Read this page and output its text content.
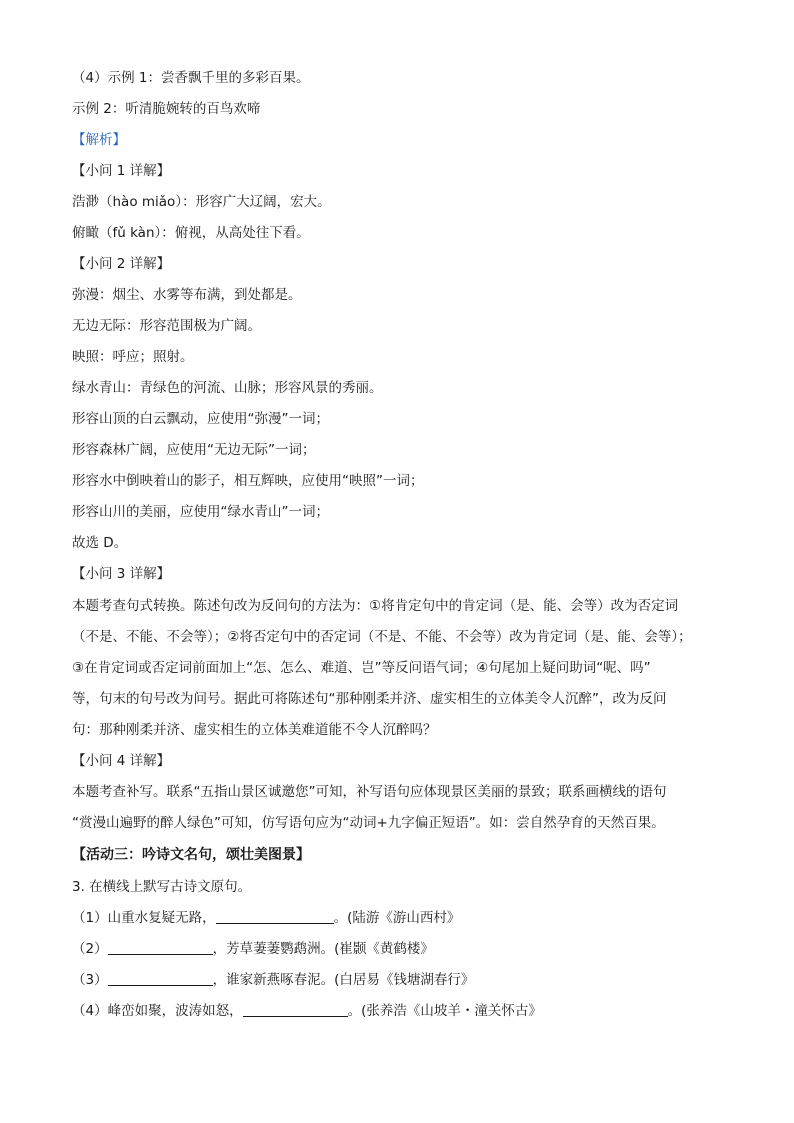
（4）示例 1：尝香飘千里的多彩百果。
示例 2：听清脆婉转的百鸟欢啼
【解析】
【小问 1 详解】
浩渺（hào miǎo）：形容广大辽阔，宏大。
俯瞰（fǔ kàn）：俯视，从高处往下看。
【小问 2 详解】
弥漫：烟尘、水雾等布满，到处都是。
无边无际：形容范围极为广阔。
映照：呼应；照射。
绿水青山：青绿色的河流、山脉；形容风景的秀丽。
形容山顶的白云飘动，应使用“弥漫”一词；
形容森林广阔，应使用“无边无际”一词；
形容水中倒映着山的影子，相互辉映，应使用“映照”一词；
形容山川的美丽，应使用“绿水青山”一词；
故选 D。
【小问 3 详解】
本题考查句式转换。陈述句改为反问句的方法为：①将肯定句中的肯定词（是、能、会等）改为否定词
（不是、不能、不会等）；②将否定句中的否定词（不是、不能、不会等）改为肯定词（是、能、会等）；
③在肯定词或否定词前面加上“怎、怎么、难道、岂”等反问语气词；④句尾加上疑问助词“呢、吗”
等，句末的句号改为问号。据此可将陈述句“那种刚柔并济、虚实相生的立体美令人沉醉”，改为反问
句：那种刚柔并济、虚实相生的立体美难道能不令人沉醉吗？
【小问 4 详解】
本题考查补写。联系“五指山景区诚邀您”可知，补写语句应体现景区美丽的景致；联系画横线的语句
“赏漫山遍野的醉人绿色”可知，仿写语句应为“动词+九字偏正短语”。如：尝自然孕育的天然百果。
【活动三：吟诗文名句，颂壮美图景】
3. 在横线上默写古诗文原句。
（1）山重水复疑无路，	。(陆游《游山西村》
（2）	，芳草萋萋鹦鹉洲。(崔颢《黄鹤楼》
（3）	，谁家新燕啄春泥。(白居易《钱塘湖春行》
（4）峰峦如聚，波涛如怒，	。(张养浩《山坡羊・潼关怀古》
